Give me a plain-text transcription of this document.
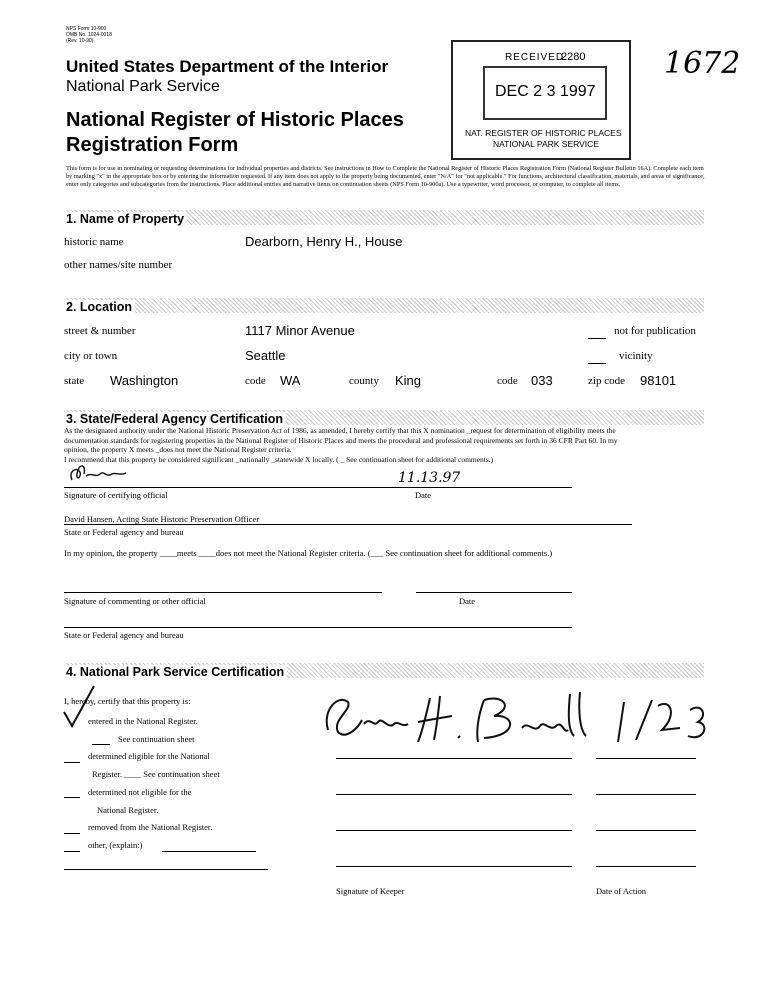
NPS Form 10-900
OMB No. 1024-0018
(Rev. 10-90)
United States Department of the Interior
National Park Service
National Register of Historic Places
Registration Form
RECEIVED
2280
DEC 2 3 1997
NAT. REGISTER OF HISTORIC PLACES
NATIONAL PARK SERVICE
1672
This form is for use in nominating or requesting determinations for individual properties and districts. See instructions in How to Complete the National Register of Historic Places Registration Form (National Register Bulletin 16A). Complete each item by marking "x" in the appropriate box or by entering the information requested. If any item does not apply to the property being documented, enter "N/A" for "not applicable." For functions, architectural classification, materials, and areas of significance, enter only categories and subcategories from the instructions. Place additional entries and narrative items on continuation sheets (NPS Form 10-900a). Use a typewriter, word processor, or computer, to complete all items.
1. Name of Property
historic name	Dearborn, Henry H., House
other names/site number
2. Location
street & number	1117 Minor Avenue	not for publication
city or town	Seattle	vicinity
state Washington	code WA	county King	code 033	zip code 98101
3. State/Federal Agency Certification
As the designated authority under the National Historic Preservation Act of 1986, as amended, I hereby certify that this X nomination _request for determination of eligibility meets the
documentation standards for registering properties in the National Register of Historic Places and meets the procedural and professional requirements set forth in 36 CFR Part 60. In my
opinion, the property X meets _does not meet the National Register criteria.
I recommend that this property be considered significant _nationally _statewide X locally. ( _ See continuation sheet for additional comments.)
11.13.97
Signature of certifying official	Date
David Hansen, Acting State Historic Preservation Officer
State or Federal agency and bureau
In my opinion, the property ____meets ____does not meet the National Register criteria. (___ See continuation sheet for additional comments.)
Signature of commenting or other official	Date
State or Federal agency and bureau
4. National Park Service Certification
I, hereby, certify that this property is:
entered in the National Register.
See continuation sheet
determined eligible for the National
Register. ____ See continuation sheet
determined not eligible for the
National Register.
removed from the National Register.
other, (explain:)
Signature of Keeper	Date of Action
